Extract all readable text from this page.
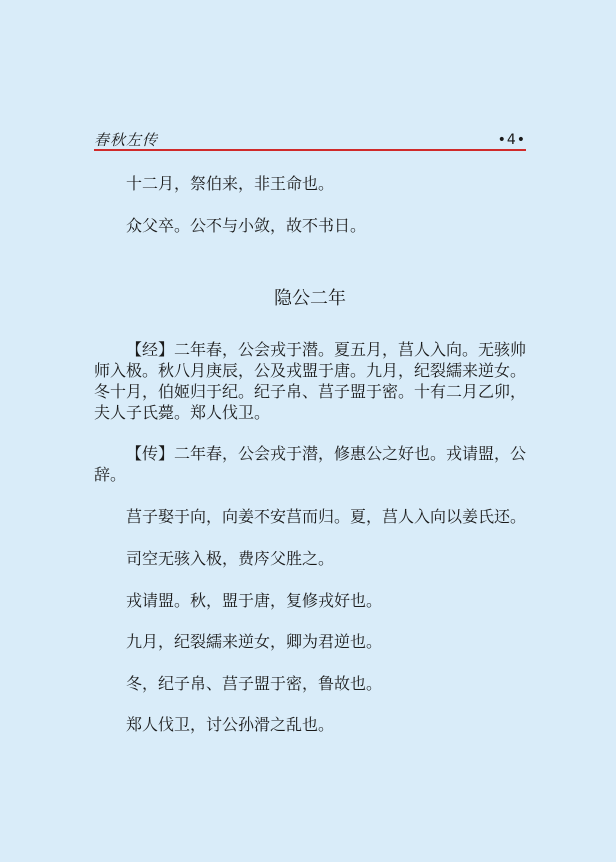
春秋左传	•4•

十二月，祭伯来，非王命也。

众父卒。公不与小敛，故不书日。

隐公二年

【经】二年春，公会戎于潜。夏五月，莒人入向。无骇帅师入极。秋八月庚辰，公及戎盟于唐。九月，纪裂繻来逆女。冬十月，伯姬归于纪。纪子帛、莒子盟于密。十有二月乙卯，夫人子氏薨。郑人伐卫。

【传】二年春，公会戎于潜，修惠公之好也。戎请盟，公辞。

莒子娶于向，向姜不安莒而归。夏，莒人入向以姜氏还。

司空无骇入极，费庈父胜之。

戎请盟。秋，盟于唐，复修戎好也。

九月，纪裂繻来逆女，卿为君逆也。

冬，纪子帛、莒子盟于密，鲁故也。

郑人伐卫，讨公孙滑之乱也。
